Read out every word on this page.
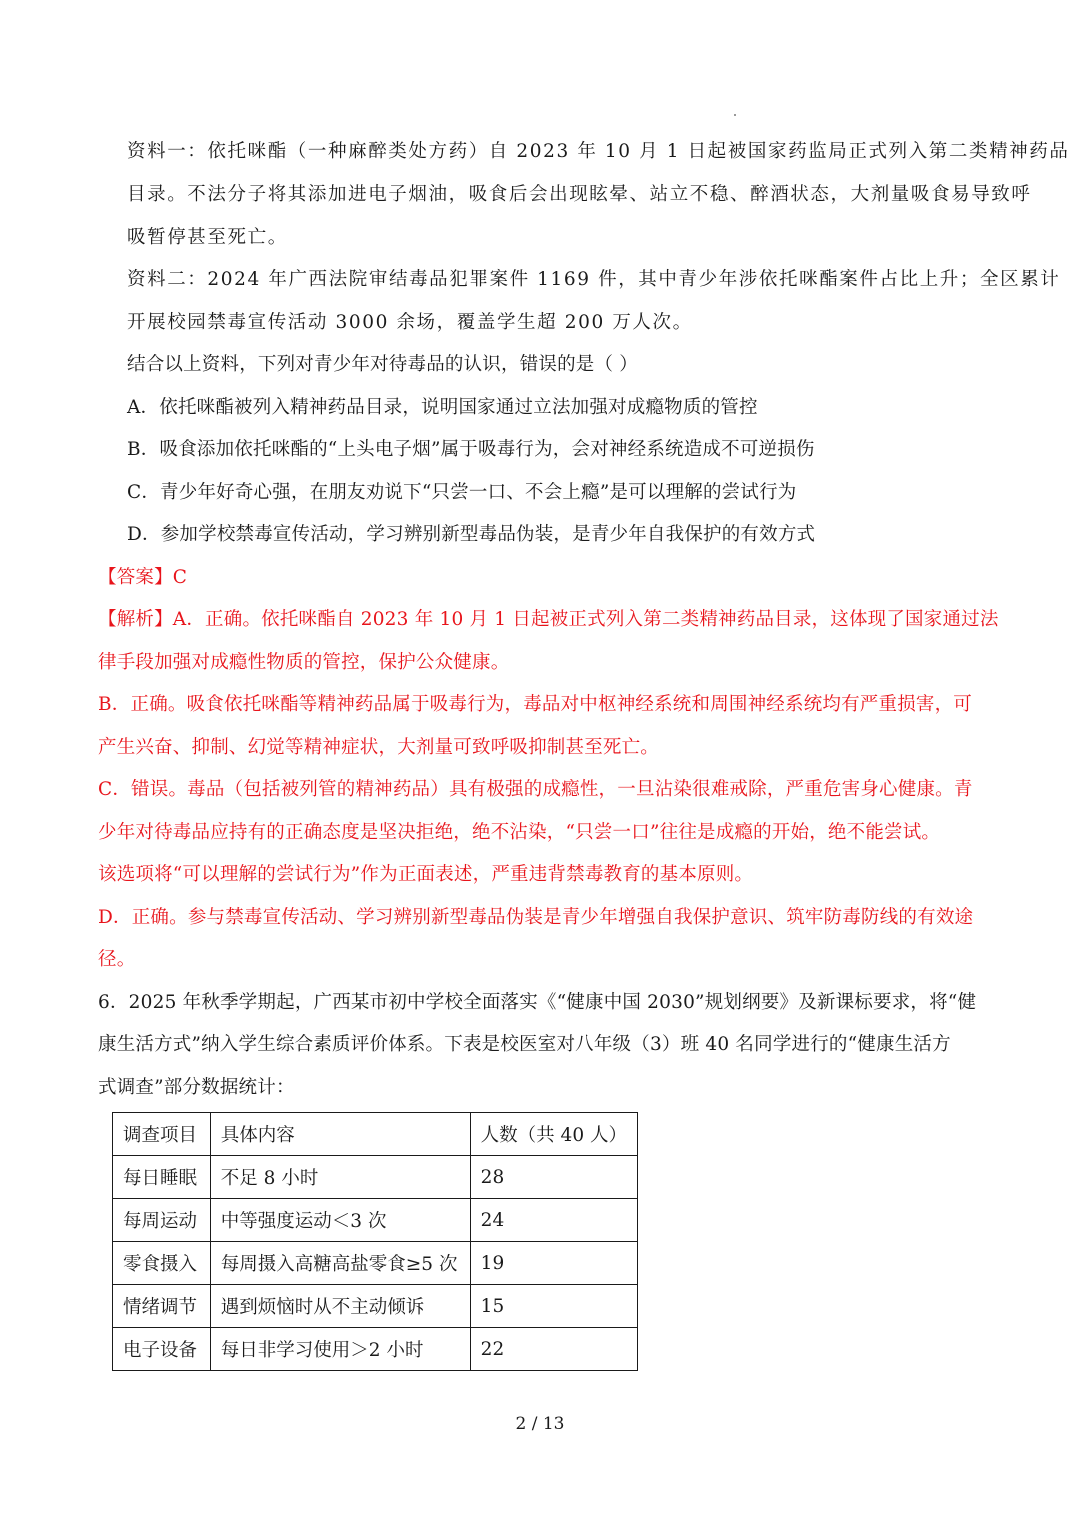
资料一：依托咪酯（一种麻醉类处方药）自 2023 年 10 月 1 日起被国家药监局正式列入第二类精神药品
目录。不法分子将其添加进电子烟油，吸食后会出现眩晕、站立不稳、醉酒状态，大剂量吸食易导致呼
吸暂停甚至死亡。
资料二：2024 年广西法院审结毒品犯罪案件 1169 件，其中青少年涉依托咪酯案件占比上升；全区累计
开展校园禁毒宣传活动 3000 余场，覆盖学生超 200 万人次。
结合以上资料，下列对青少年对待毒品的认识，错误的是（ ）
A．依托咪酯被列入精神药品目录，说明国家通过立法加强对成瘾物质的管控
B．吸食添加依托咪酯的“上头电子烟”属于吸毒行为，会对神经系统造成不可逆损伤
C．青少年好奇心强，在朋友劝说下“只尝一口、不会上瘾”是可以理解的尝试行为
D．参加学校禁毒宣传活动，学习辨别新型毒品伪装，是青少年自我保护的有效方式
【答案】C
【解析】A．正确。依托咪酯自 2023 年 10 月 1 日起被正式列入第二类精神药品目录，这体现了国家通过法
律手段加强对成瘾性物质的管控，保护公众健康。
B．正确。吸食依托咪酯等精神药品属于吸毒行为，毒品对中枢神经系统和周围神经系统均有严重损害，可
产生兴奋、抑制、幻觉等精神症状，大剂量可致呼吸抑制甚至死亡。
C．错误。毒品（包括被列管的精神药品）具有极强的成瘾性，一旦沾染很难戒除，严重危害身心健康。青
少年对待毒品应持有的正确态度是坚决拒绝，绝不沾染，“只尝一口”往往是成瘾的开始，绝不能尝试。
该选项将“可以理解的尝试行为”作为正面表述，严重违背禁毒教育的基本原则。
D．正确。参与禁毒宣传活动、学习辨别新型毒品伪装是青少年增强自我保护意识、筑牢防毒防线的有效途
径。
6．2025 年秋季学期起，广西某市初中学校全面落实《“健康中国 2030”规划纲要》及新课标要求，将“健
康生活方式”纳入学生综合素质评价体系。下表是校医室对八年级（3）班 40 名同学进行的“健康生活方
式调查”部分数据统计：
调查项目	具体内容	人数（共 40 人）
每日睡眠	不足 8 小时	28
每周运动	中等强度运动＜3 次	24
零食摄入	每周摄入高糖高盐零食≥5 次	19
情绪调节	遇到烦恼时从不主动倾诉	15
电子设备	每日非学习使用＞2 小时	22
2 / 13
